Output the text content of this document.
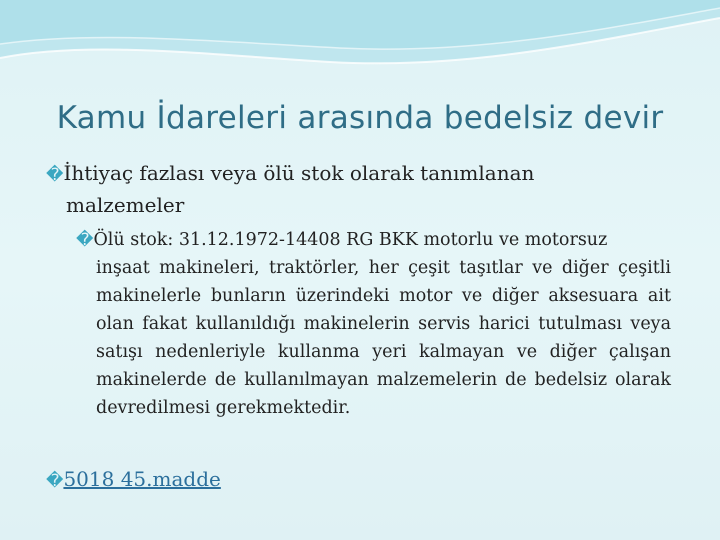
Kamu İdareleri arasında bedelsiz devir
�İhtiyaç fazlası veya ölü stok olarak tanımlanan
malzemeler
�Ölü stok: 31.12.1972-14408 RG BKK motorlu ve motorsuz
inşaat makineleri, traktörler, her çeşit taşıtlar ve diğer çeşitli makinelerle bunların üzerindeki motor ve diğer aksesuara ait olan fakat kullanıldığı makinelerin servis harici tutulması veya satışı nedenleriyle kullanma yeri kalmayan ve diğer çalışan makinelerde de kullanılmayan malzemelerin de bedelsiz olarak devredilmesi gerekmektedir.
�5018 45.madde
